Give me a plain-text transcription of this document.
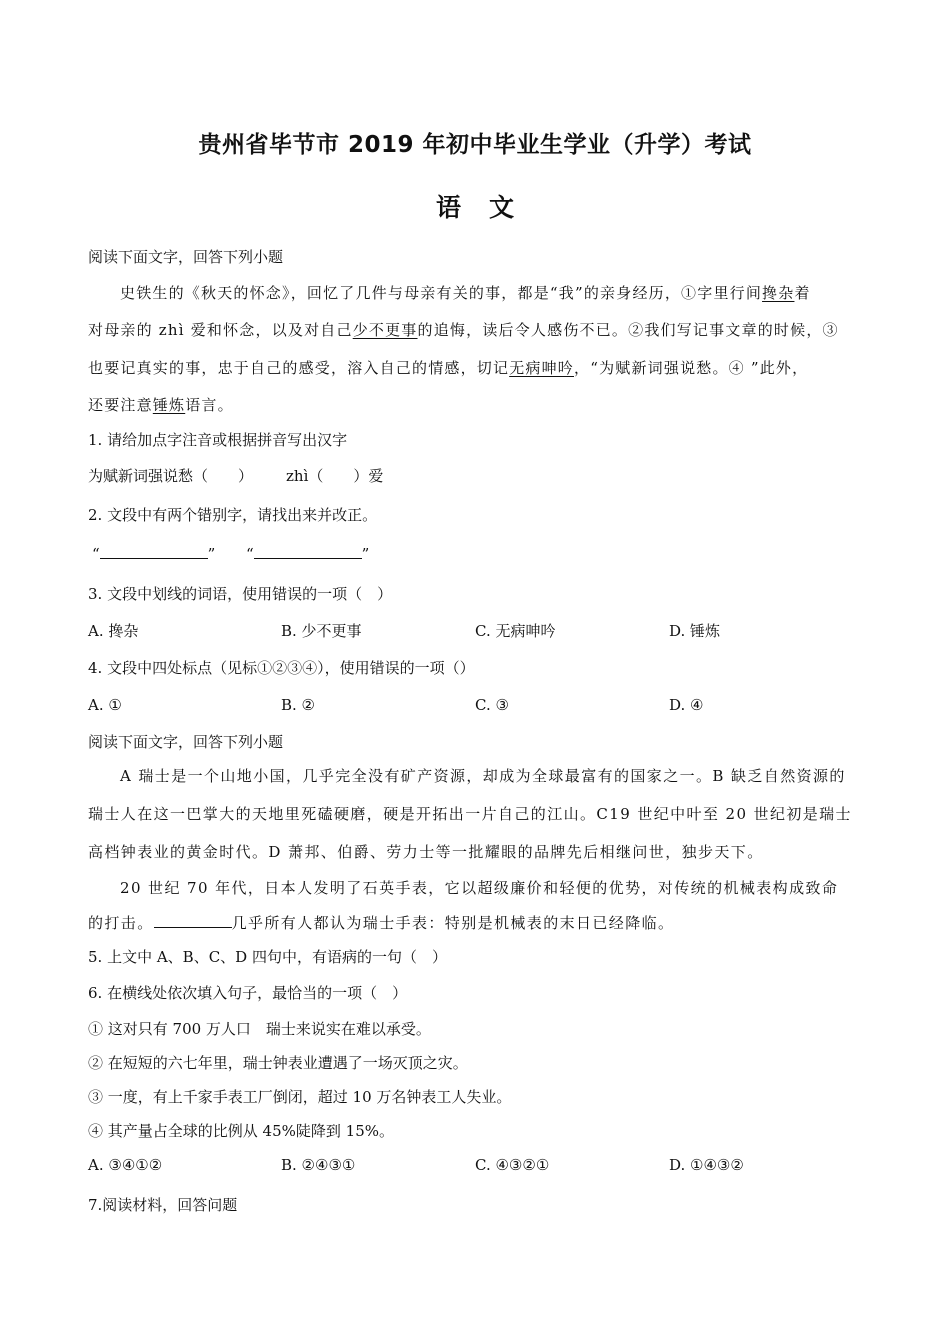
贵州省毕节市 2019 年初中毕业生学业（升学）考试
语文
阅读下面文字，回答下列小题
史铁生的《秋天的怀念》，回忆了几件与母亲有关的事，都是“我”的亲身经历，①字里行间搀杂着
对母亲的 zhì 爱和怀念，以及对自己少不更事的追悔，读后令人感伤不已。②我们写记事文章的时候，③
也要记真实的事，忠于自己的感受，溶入自己的情感，切记无病呻吟，“为赋新词强说愁。④ ”此外，
还要注意锤炼语言。
1. 请给加点字注音或根据拼音写出汉字
为赋新词强说愁（　　） zhì（　　）爱
2. 文段中有两个错别字，请找出来并改正。
“	” “	”
3. 文段中划线的词语，使用错误的一项（　）
A. 搀杂	B. 少不更事	C. 无病呻吟	D. 锤炼
4. 文段中四处标点（见标①②③④），使用错误的一项（）
A. ①	B. ②	C. ③	D. ④
阅读下面文字，回答下列小题
A 瑞士是一个山地小国，几乎完全没有矿产资源，却成为全球最富有的国家之一。B 缺乏自然资源的
瑞士人在这一巴掌大的天地里死磕硬磨，硬是开拓出一片自己的江山。C19 世纪中叶至 20 世纪初是瑞士
高档钟表业的黄金时代。D 萧邦、伯爵、劳力士等一批耀眼的品牌先后相继问世，独步天下。
20 世纪 70 年代，日本人发明了石英手表，它以超级廉价和轻便的优势，对传统的机械表构成致命
的打击。	几乎所有人都认为瑞士手表：特别是机械表的末日已经降临。
5. 上文中 A、B、C、D 四句中，有语病的一句（　）
6. 在横线处依次填入句子，最恰当的一项（　）
① 这对只有 700 万人口　瑞士来说实在难以承受。
② 在短短的六七年里，瑞士钟表业遭遇了一场灭顶之灾。
③ 一度，有上千家手表工厂倒闭，超过 10 万名钟表工人失业。
④ 其产量占全球的比例从 45%陡降到 15%。
A. ③④①②	B. ②④③①	C. ④③②①	D. ①④③②
7.阅读材料，回答问题
